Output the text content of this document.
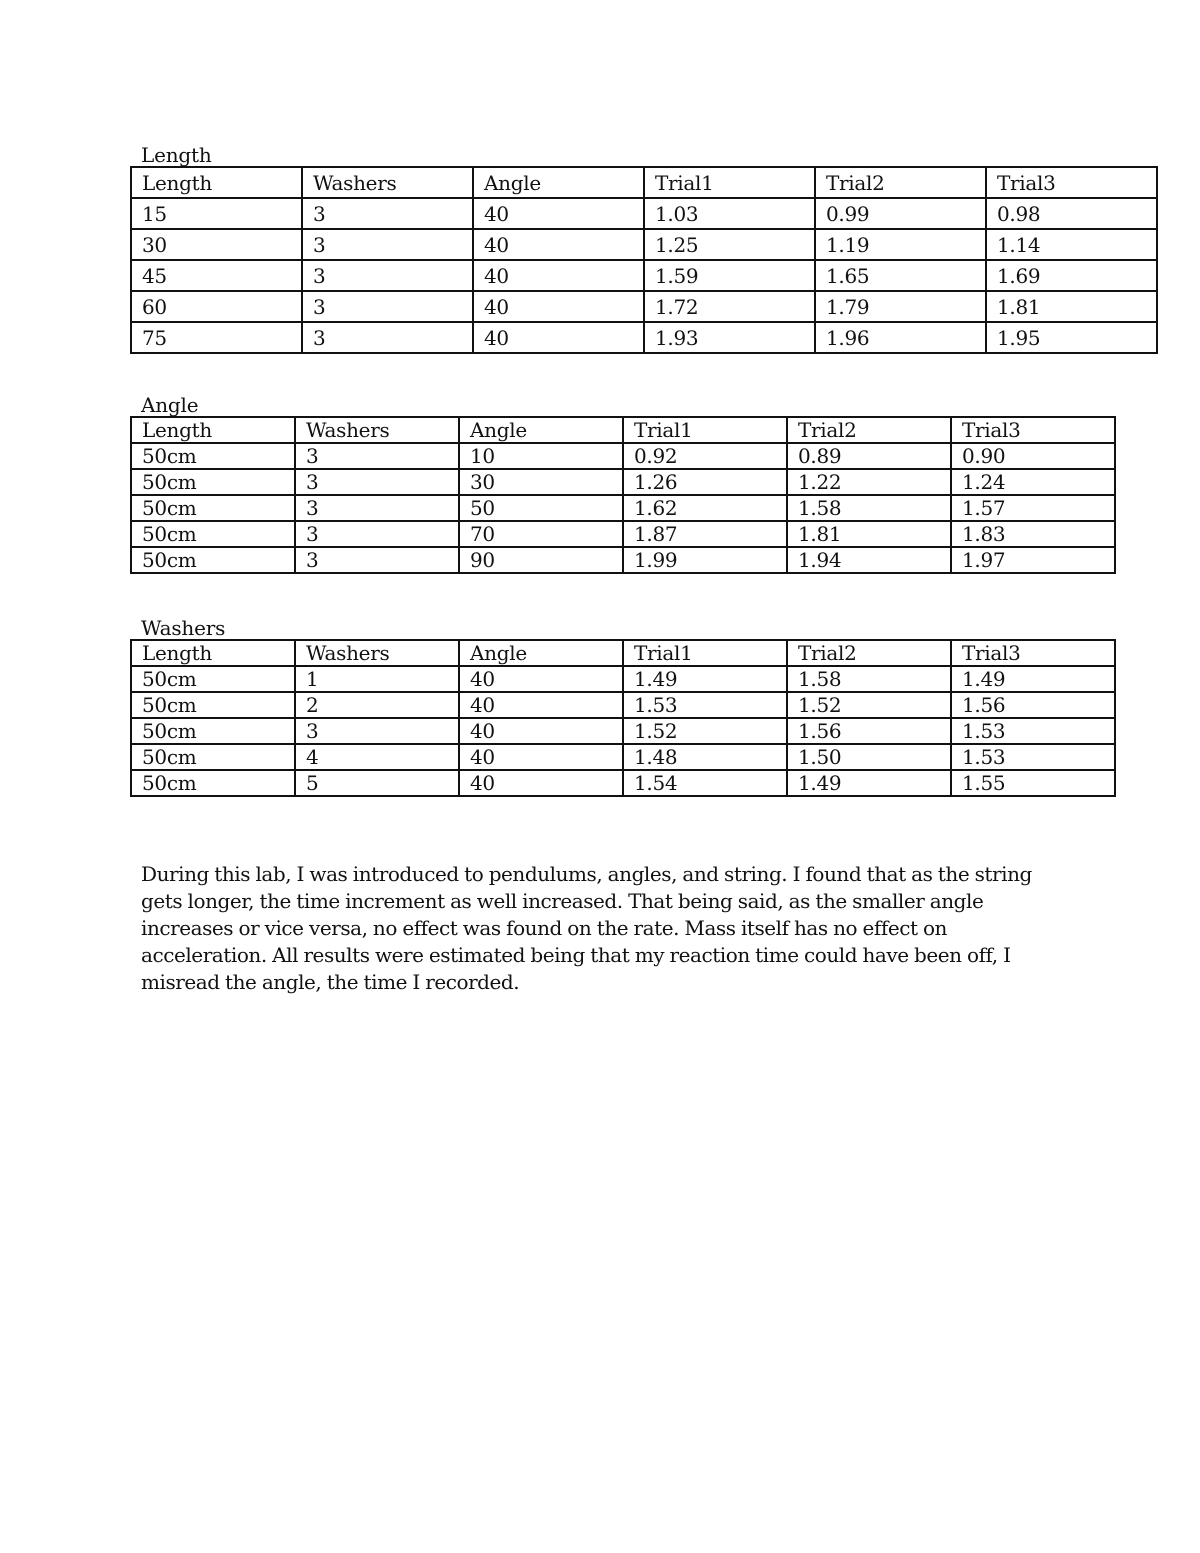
Length
Length	Washers	Angle	Trial1	Trial2	Trial3
15	3	40	1.03	0.99	0.98
30	3	40	1.25	1.19	1.14
45	3	40	1.59	1.65	1.69
60	3	40	1.72	1.79	1.81
75	3	40	1.93	1.96	1.95
Angle
Length	Washers	Angle	Trial1	Trial2	Trial3
50cm	3	10	0.92	0.89	0.90
50cm	3	30	1.26	1.22	1.24
50cm	3	50	1.62	1.58	1.57
50cm	3	70	1.87	1.81	1.83
50cm	3	90	1.99	1.94	1.97
Washers
Length	Washers	Angle	Trial1	Trial2	Trial3
50cm	1	40	1.49	1.58	1.49
50cm	2	40	1.53	1.52	1.56
50cm	3	40	1.52	1.56	1.53
50cm	4	40	1.48	1.50	1.53
50cm	5	40	1.54	1.49	1.55

During this lab, I was introduced to pendulums, angles, and string. I found that as the string gets longer, the time increment as well increased. That being said, as the smaller angle increases or vice versa, no effect was found on the rate. Mass itself has no effect on acceleration. All results were estimated being that my reaction time could have been off, I misread the angle, the time I recorded.
